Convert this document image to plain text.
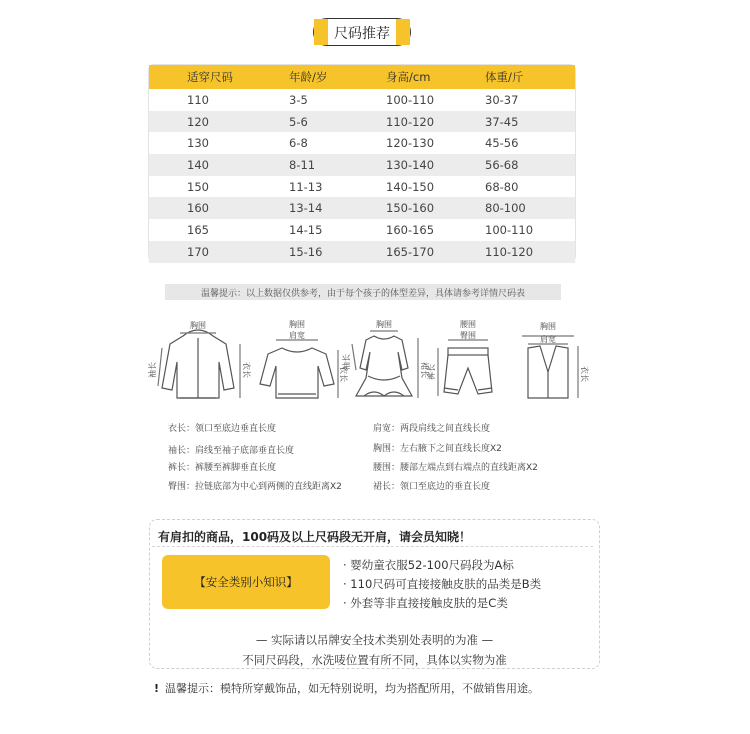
尺码推荐
适穿尺码	年龄/岁	身高/cm	体重/斤
110	3-5	100-110	30-37
120	5-6	110-120	37-45
130	6-8	120-130	45-56
140	8-11	130-140	56-68
150	11-13	140-150	68-80
160	13-14	150-160	80-100
165	14-15	160-165	100-110
170	15-16	165-170	110-120
温馨提示：以上数据仅供参考，由于每个孩子的体型差异，具体请参考详情尺码表
胸围
袖长	衣长
胸围
肩宽
衣长
胸围
袖长	裙长
腰围
臀围
裤长
胸围
肩宽
衣长
衣长：领口至底边垂直长度
袖长：肩线至袖子底部垂直长度
裤长：裤腰至裤脚垂直长度
臀围：拉链底部为中心到两侧的直线距离X2
肩宽：两段肩线之间直线长度
胸围：左右腋下之间直线长度X2
腰围：腰部左端点到右端点的直线距离X2
裙长：领口至底边的垂直长度
有肩扣的商品，100码及以上尺码段无开肩，请会员知晓！
【安全类别小知识】
· 婴幼童衣服52-100尺码段为A标
· 110尺码可直接接触皮肤的品类是B类
· 外套等非直接接触皮肤的是C类
— 实际请以吊牌安全技术类别处表明的为准 —
不同尺码段，水洗唛位置有所不同，具体以实物为准
! 温馨提示：模特所穿戴饰品，如无特别说明，均为搭配所用，不做销售用途。
